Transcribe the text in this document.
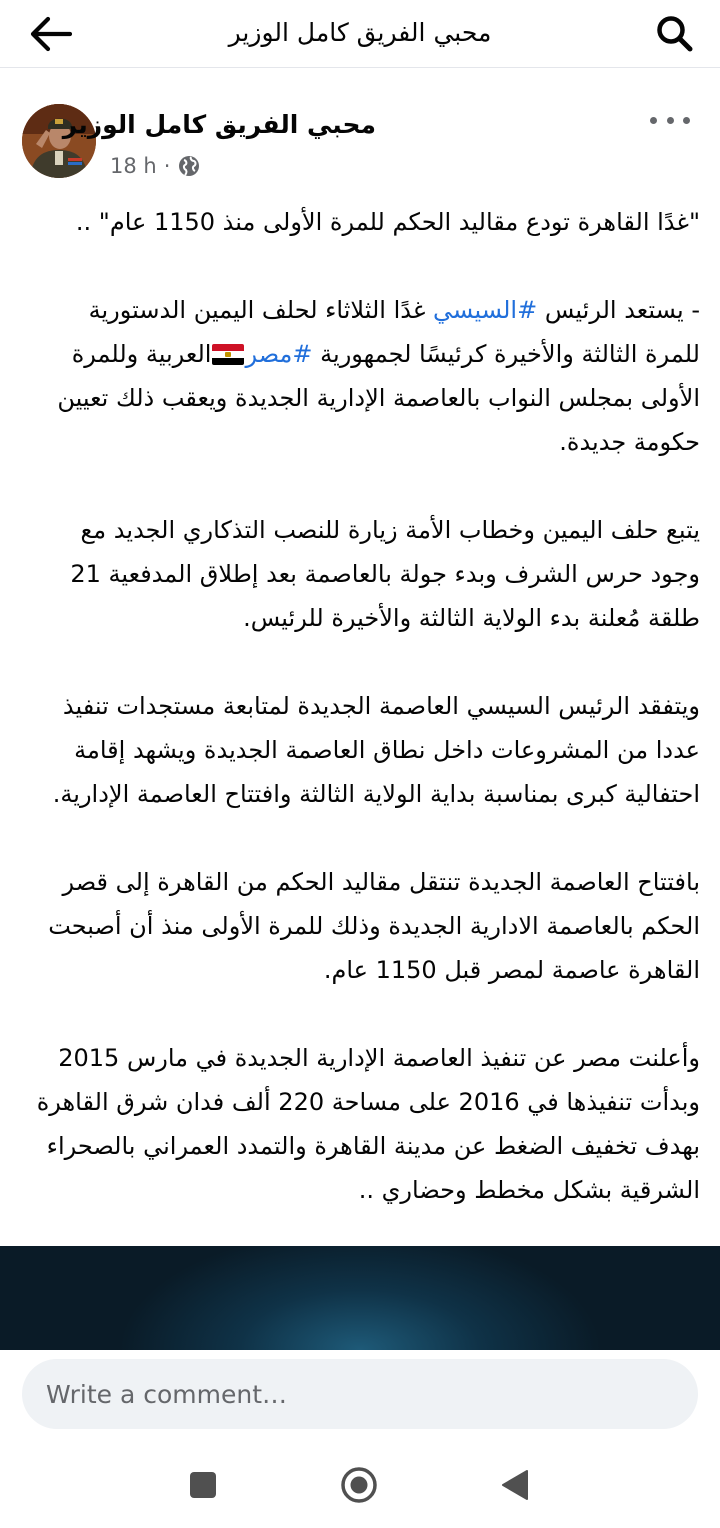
محبي الفريق كامل الوزير
محبي الفريق كامل الوزير
18 h ·

"غدًا القاهرة تودع مقاليد الحكم للمرة الأولى منذ 1150 عام" ..

- يستعد الرئيس #السيسي غدًا الثلاثاء لحلف اليمين الدستورية للمرة الثالثة والأخيرة كرئيسًا لجمهورية #مصر
العربية وللمرة الأولى بمجلس النواب بالعاصمة الإدارية الجديدة ويعقب ذلك تعيين حكومة جديدة.

يتبع حلف اليمين وخطاب الأمة زيارة للنصب التذكاري الجديد مع وجود حرس الشرف وبدء جولة بالعاصمة بعد إطلاق المدفعية 21 طلقة مُعلنة بدء الولاية الثالثة والأخيرة للرئيس.

ويتفقد الرئيس السيسي العاصمة الجديدة لمتابعة مستجدات تنفيذ عددا من المشروعات داخل نطاق العاصمة الجديدة ويشهد إقامة احتفالية كبرى بمناسبة بداية الولاية الثالثة وافتتاح العاصمة الإدارية.

بافتتاح العاصمة الجديدة تنتقل مقاليد الحكم من القاهرة إلى قصر الحكم بالعاصمة الادارية الجديدة وذلك للمرة الأولى منذ أن أصبحت القاهرة عاصمة لمصر قبل 1150 عام.

وأعلنت مصر عن تنفيذ العاصمة الإدارية الجديدة في مارس 2015 وبدأت تنفيذها في 2016 على مساحة 220 ألف فدان شرق القاهرة بهدف تخفيف الضغط عن مدينة القاهرة والتمدد العمراني بالصحراء الشرقية بشكل مخطط وحضاري ..

Write a comment…
